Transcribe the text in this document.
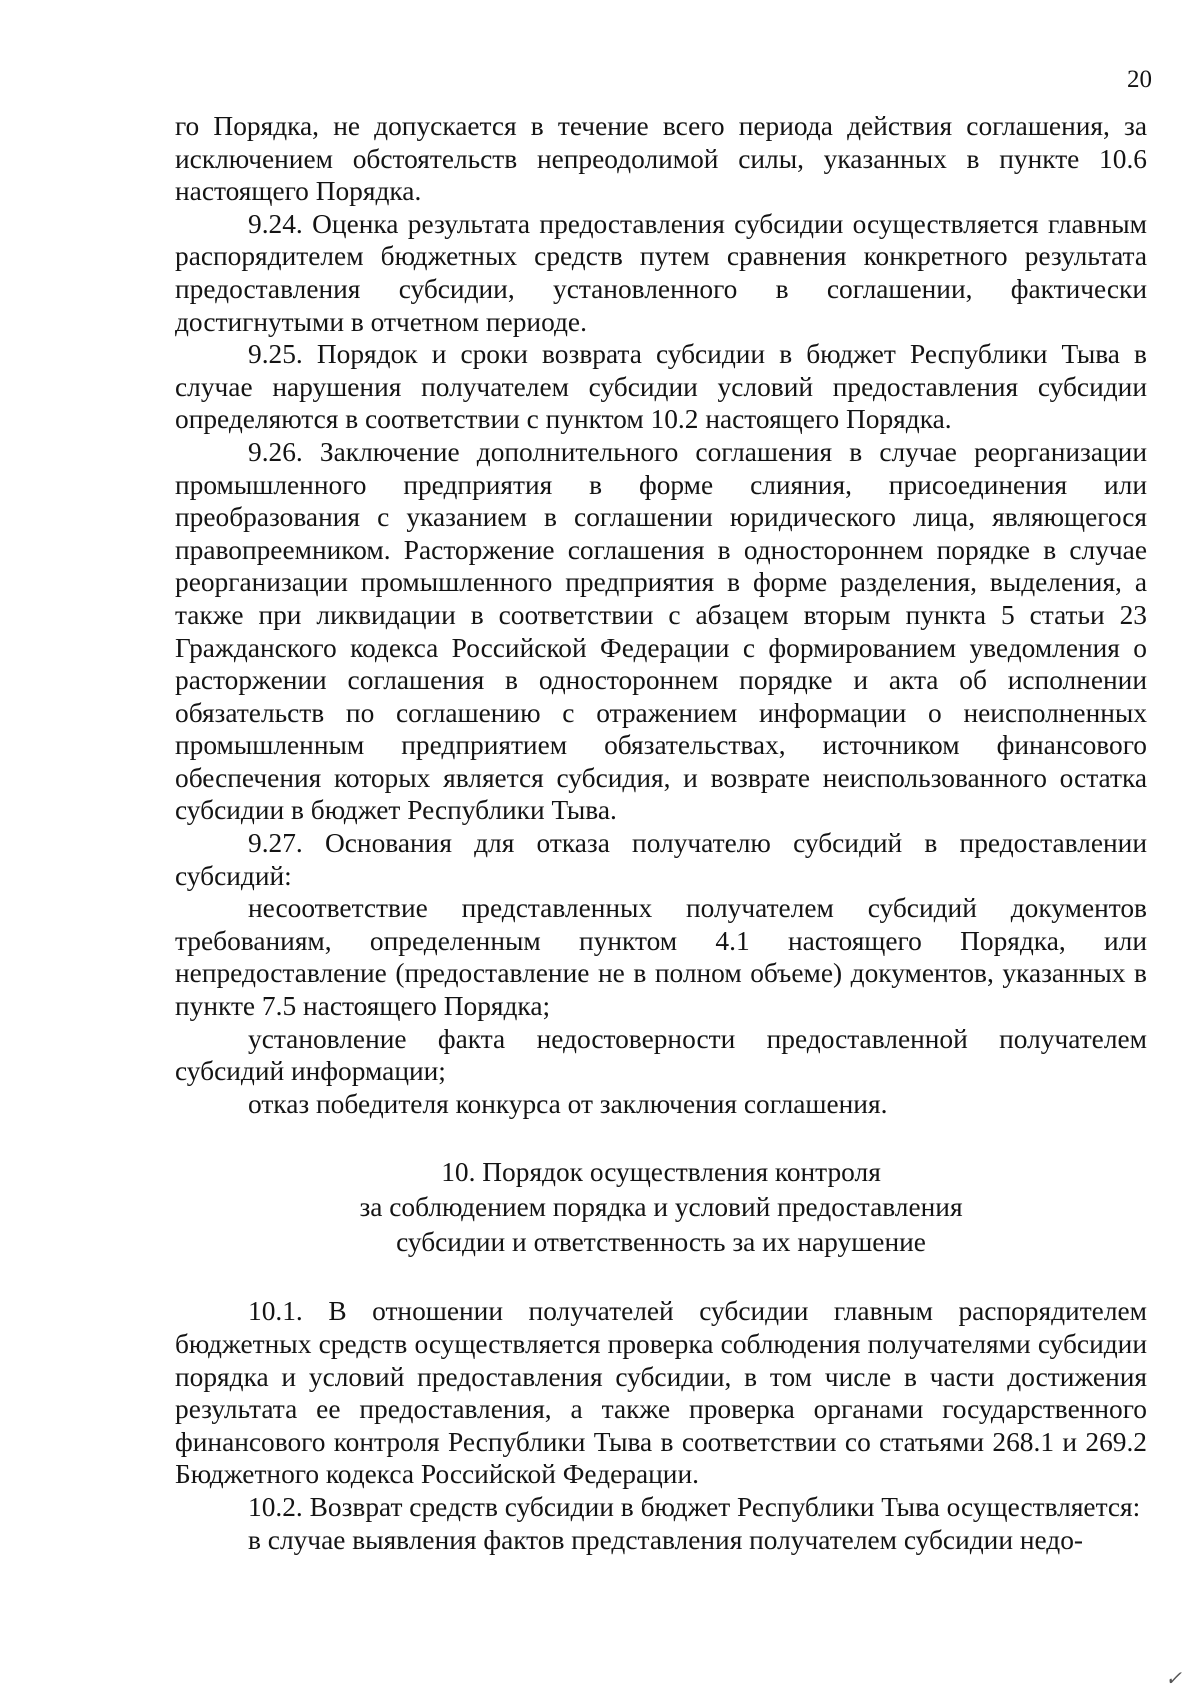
20

го Порядка, не допускается в течение всего периода действия соглашения, за исключением обстоятельств непреодолимой силы, указанных в пункте 10.6 настоящего Порядка.

9.24. Оценка результата предоставления субсидии осуществляется главным распорядителем бюджетных средств путем сравнения конкретного результата предоставления субсидии, установленного в соглашении, фактически достигнутыми в отчетном периоде.

9.25. Порядок и сроки возврата субсидии в бюджет Республики Тыва в случае нарушения получателем субсидии условий предоставления субсидии определяются в соответствии с пунктом 10.2 настоящего Порядка.

9.26. Заключение дополнительного соглашения в случае реорганизации промышленного предприятия в форме слияния, присоединения или преобразования с указанием в соглашении юридического лица, являющегося правопреемником. Расторжение соглашения в одностороннем порядке в случае реорганизации промышленного предприятия в форме разделения, выделения, а также при ликвидации в соответствии с абзацем вторым пункта 5 статьи 23 Гражданского кодекса Российской Федерации с формированием уведомления о расторжении соглашения в одностороннем порядке и акта об исполнении обязательств по соглашению с отражением информации о неисполненных промышленным предприятием обязательствах, источником финансового обеспечения которых является субсидия, и возврате неиспользованного остатка субсидии в бюджет Республики Тыва.

9.27. Основания для отказа получателю субсидий в предоставлении субсидий:

несоответствие представленных получателем субсидий документов требованиям, определенным пунктом 4.1 настоящего Порядка, или непредоставление (предоставление не в полном объеме) документов, указанных в пункте 7.5 настоящего Порядка;

установление факта недостоверности предоставленной получателем субсидий информации;

отказ победителя конкурса от заключения соглашения.

10. Порядок осуществления контроля
за соблюдением порядка и условий предоставления
субсидии и ответственность за их нарушение

10.1. В отношении получателей субсидии главным распорядителем бюджетных средств осуществляется проверка соблюдения получателями субсидии порядка и условий предоставления субсидии, в том числе в части достижения результата ее предоставления, а также проверка органами государственного финансового контроля Республики Тыва в соответствии со статьями 268.1 и 269.2 Бюджетного кодекса Российской Федерации.

10.2. Возврат средств субсидии в бюджет Республики Тыва осуществляется:

в случае выявления фактов представления получателем субсидии недо-

✓
